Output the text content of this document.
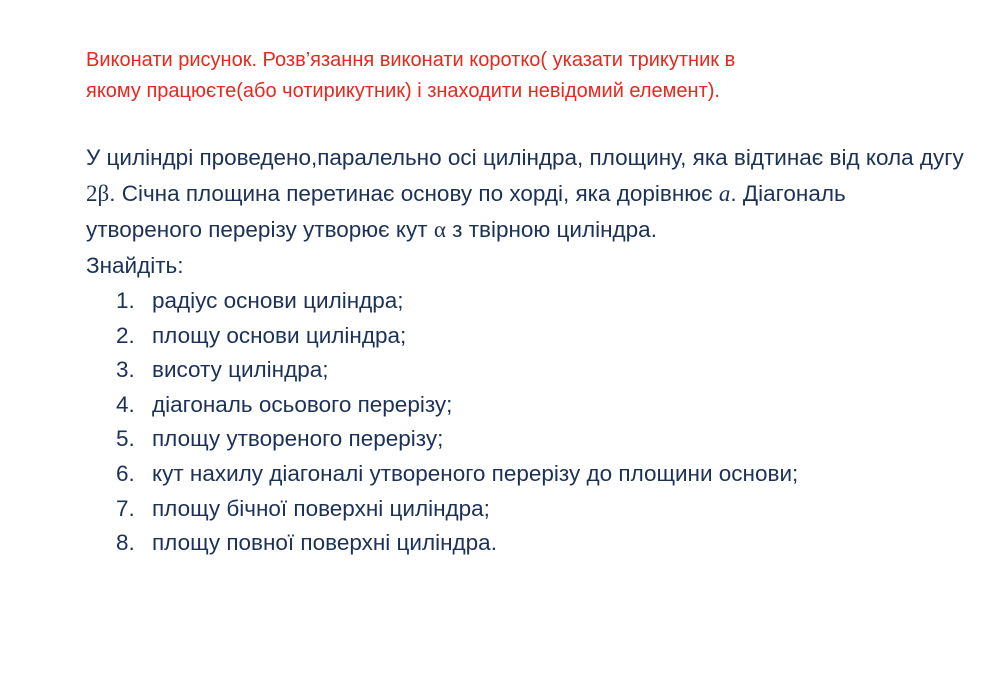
Виконати рисунок. Розв’язання виконати коротко( указати трикутник в
якому працюєте(або чотирикутник) і знаходити невідомий елемент).

У циліндрі проведено,паралельно осі циліндра, площину, яка відтинає від кола дугу 2β. Січна площина перетинає основу по хорді, яка дорівнює a. Діагональ утвореного перерізу утворює кут α з твірною циліндра.

Знайдіть:

1. радіус основи циліндра;
2. площу основи циліндра;
3. висоту циліндра;
4. діагональ осьового перерізу;
5. площу утвореного перерізу;
6. кут нахилу діагоналі утвореного перерізу до площини основи;
7. площу бічної поверхні циліндра;
8. площу повної поверхні циліндра.
